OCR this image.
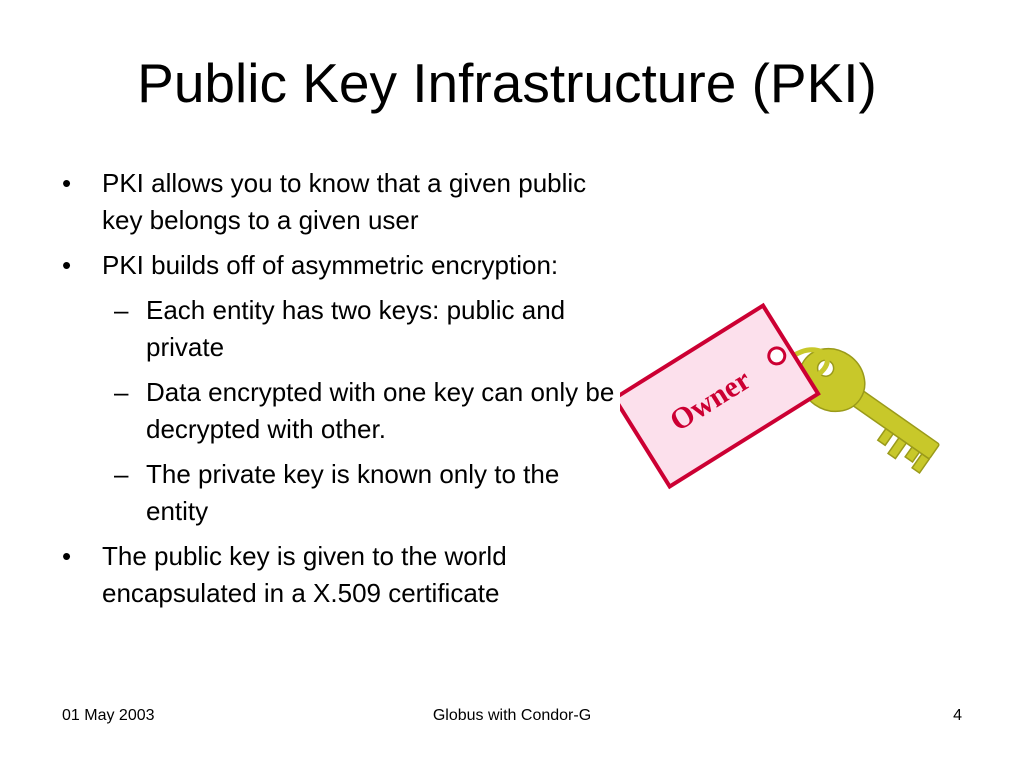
Public Key Infrastructure (PKI)
• PKI allows you to know that a given public key belongs to a given user
• PKI builds off of asymmetric encryption:
– Each entity has two keys: public and private
– Data encrypted with one key can only be decrypted with other.
– The private key is known only to the entity
• The public key is given to the world encapsulated in a X.509 certificate
Owner
01 May 2003	Globus with Condor-G	4
